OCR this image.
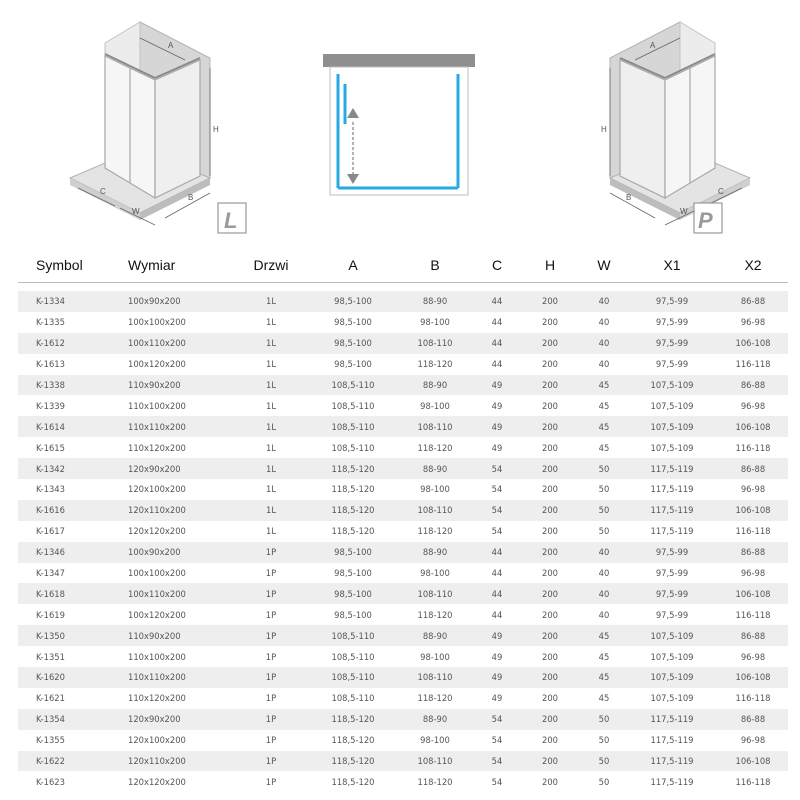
A
H
C
W
B
L
A
H
B
W
C
P
Symbol	Wymiar	Drzwi	A	B	C	H	W	X1	X2

K-1334	100x90x200	1L	98,5-100	88-90	44	200	40	97,5-99	86-88
K-1335	100x100x200	1L	98,5-100	98-100	44	200	40	97,5-99	96-98
K-1612	100x110x200	1L	98,5-100	108-110	44	200	40	97,5-99	106-108
K-1613	100x120x200	1L	98,5-100	118-120	44	200	40	97,5-99	116-118
K-1338	110x90x200	1L	108,5-110	88-90	49	200	45	107,5-109	86-88
K-1339	110x100x200	1L	108,5-110	98-100	49	200	45	107,5-109	96-98
K-1614	110x110x200	1L	108,5-110	108-110	49	200	45	107,5-109	106-108
K-1615	110x120x200	1L	108,5-110	118-120	49	200	45	107,5-109	116-118
K-1342	120x90x200	1L	118,5-120	88-90	54	200	50	117,5-119	86-88
K-1343	120x100x200	1L	118,5-120	98-100	54	200	50	117,5-119	96-98
K-1616	120x110x200	1L	118,5-120	108-110	54	200	50	117,5-119	106-108
K-1617	120x120x200	1L	118,5-120	118-120	54	200	50	117,5-119	116-118
K-1346	100x90x200	1P	98,5-100	88-90	44	200	40	97,5-99	86-88
K-1347	100x100x200	1P	98,5-100	98-100	44	200	40	97,5-99	96-98
K-1618	100x110x200	1P	98,5-100	108-110	44	200	40	97,5-99	106-108
K-1619	100x120x200	1P	98,5-100	118-120	44	200	40	97,5-99	116-118
K-1350	110x90x200	1P	108,5-110	88-90	49	200	45	107,5-109	86-88
K-1351	110x100x200	1P	108,5-110	98-100	49	200	45	107,5-109	96-98
K-1620	110x110x200	1P	108,5-110	108-110	49	200	45	107,5-109	106-108
K-1621	110x120x200	1P	108,5-110	118-120	49	200	45	107,5-109	116-118
K-1354	120x90x200	1P	118,5-120	88-90	54	200	50	117,5-119	86-88
K-1355	120x100x200	1P	118,5-120	98-100	54	200	50	117,5-119	96-98
K-1622	120x110x200	1P	118,5-120	108-110	54	200	50	117,5-119	106-108
K-1623	120x120x200	1P	118,5-120	118-120	54	200	50	117,5-119	116-118
